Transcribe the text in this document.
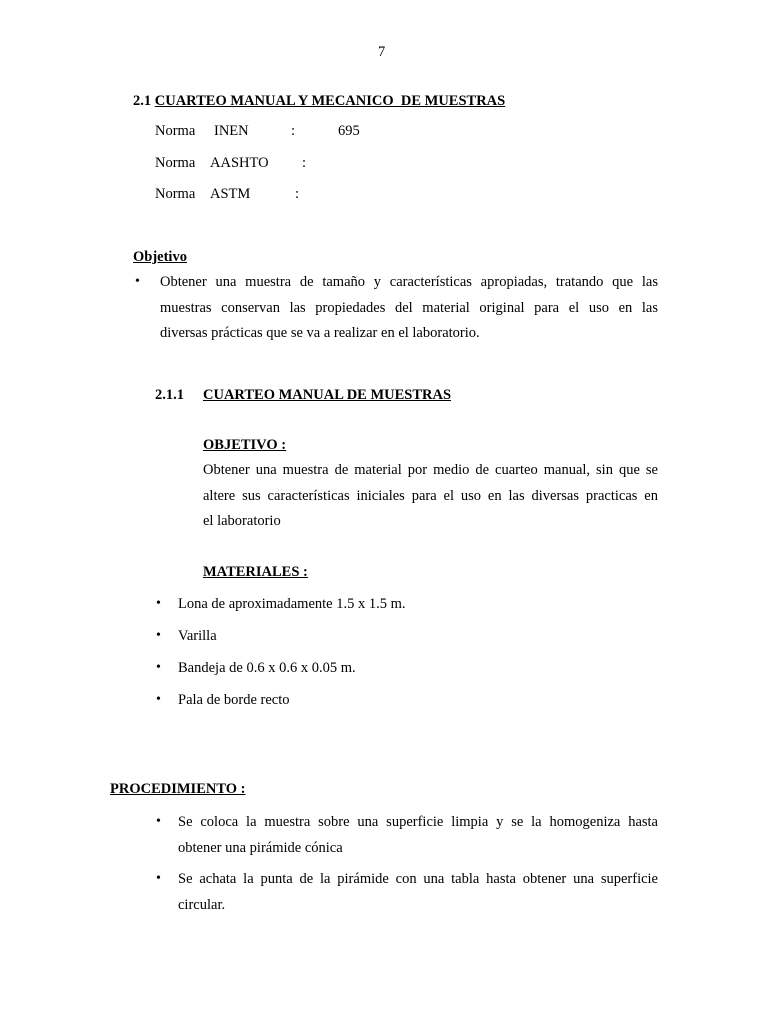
7
2.1 CUARTEO MANUAL Y MECANICO  DE MUESTRAS
Norma INEN	:	695
Norma AASHTO :
Norma ASTM	:
Objetivo
• Obtener una muestra de tamaño y características apropiadas, tratando que las
muestras conservan las propiedades del material original para el uso en las
diversas prácticas que se va a realizar en el laboratorio.
2.1.1 CUARTEO MANUAL DE MUESTRAS
OBJETIVO :
Obtener una muestra de material por medio de cuarteo manual, sin que se
altere sus características iniciales para el uso en las diversas practicas en
el laboratorio
MATERIALES :
• Lona de aproximadamente 1.5 x 1.5 m.
• Varilla
• Bandeja de 0.6 x 0.6 x 0.05 m.
• Pala de borde recto
PROCEDIMIENTO :
• Se coloca la muestra sobre una superficie limpia y se la homogeniza hasta
obtener una pirámide cónica
• Se achata la punta de la pirámide con una tabla hasta obtener una superficie
circular.
